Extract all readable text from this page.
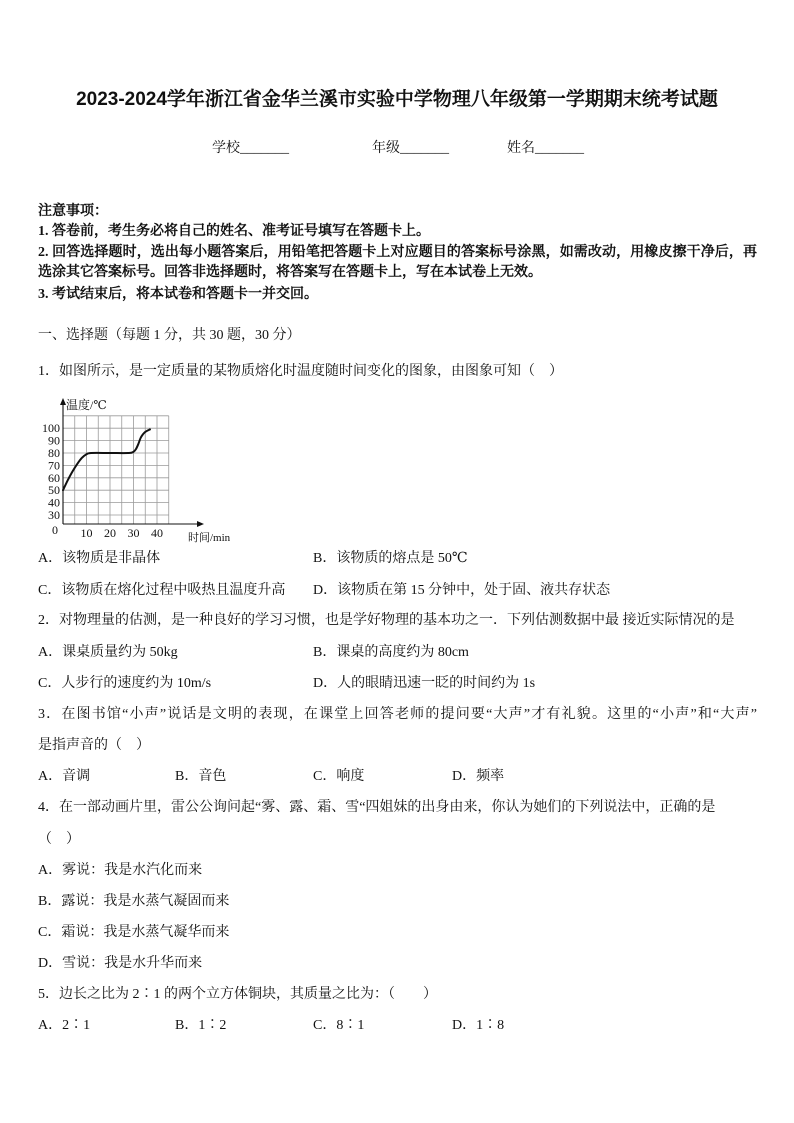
2023-2024学年浙江省金华兰溪市实验中学物理八年级第一学期期末统考试题
学校_______	年级_______	姓名_______
注意事项：
1. 答卷前，考生务必将自己的姓名、准考证号填写在答题卡上。
2. 回答选择题时，选出每小题答案后，用铅笔把答题卡上对应题目的答案标号涂黑，如需改动，用橡皮擦干净后，再
选涂其它答案标号。回答非选择题时，将答案写在答题卡上，写在本试卷上无效。
3. 考试结束后，将本试卷和答题卡一并交回。
一、选择题（每题 1 分，共 30 题，30 分）
1．如图所示，是一定质量的某物质熔化时温度随时间变化的图象，由图象可知（　）
100
90
80
70
60
50
40
30
0 10 20 30 40
温度/℃
时间/min
A．该物质是非晶体	B．该物质的熔点是 50℃
C．该物质在熔化过程中吸热且温度升高 D．该物质在第 15 分钟中，处于固、液共存状态
2．对物理量的估测，是一种良好的学习习惯，也是学好物理的基本功之一．下列估测数据中最 接近实际情况的是
A．课桌质量约为 50kg	B．课桌的高度约为 80cm
C．人步行的速度约为 10m/s	D．人的眼睛迅速一眨的时间约为 1s
3．在图书馆“小声”说话是文明的表现，在课堂上回答老师的提问要“大声”才有礼貌。这里的“小声”和“大声”
是指声音的（　）
A．音调	B．音色	C．响度	D．频率
4．在一部动画片里，雷公公询问起“雾、露、霜、雪“四姐妹的出身由来，你认为她们的下列说法中，正确的是
（　）
A．雾说：我是水汽化而来
B．露说：我是水蒸气凝固而来
C．霜说：我是水蒸气凝华而来
D．雪说：我是水升华而来
5．边长之比为 2∶1 的两个立方体铜块，其质量之比为：（　　）
A．2∶1	B．1∶2	C．8∶1	D．1∶8
